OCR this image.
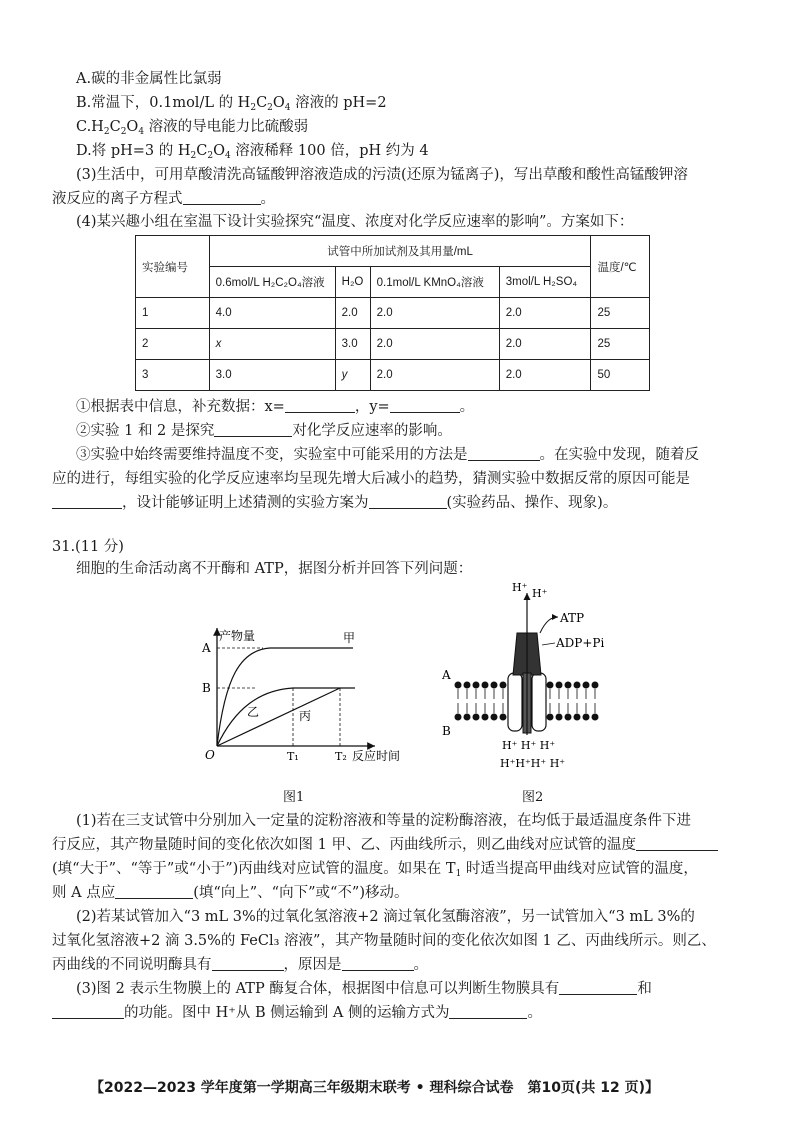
A.碳的非金属性比氯弱
B.常温下，0.1mol/L 的 $H_2C_2O_4$ 溶液的 pH=2
$C.H_2C_2O_4$ 溶液的导电能力比硫酸弱
D.将 pH=3 的 $H_2C_2O_4$ 溶液稀释 100 倍，pH 约为 4
(3)生活中，可用草酸清洗高锰酸钾溶液造成的污渍(还原为锰离子)，写出草酸和酸性高锰酸钾溶
液反应的离子方程式	。
(4)某兴趣小组在室温下设计实验探究“温度、浓度对化学反应速率的影响”。方案如下：
实验编号	试管中所加试剂及其用量/mL				温度/℃
	0.6mol/L H₂C₂O₄溶液	H₂O	0.1mol/L KMnO₄溶液	3mol/L H₂SO₄	
1	4.0	2.0	2.0	2.0	25
2	x	3.0	2.0	2.0	25
3	3.0	y	2.0	2.0	50
①根据表中信息，补充数据：x=	，y=	。
②实验 1 和 2 是探究	对化学反应速率的影响。
③实验中始终需要维持温度不变，实验室中可能采用的方法是	。在实验中发现，随着反
应的进行，每组实验的化学反应速率均呈现先增大后减小的趋势，猜测实验中数据反常的原因可能是
，设计能够证明上述猜测的实验方案为	(实验药品、操作、现象)。
31.(11 分)
细胞的生命活动离不开酶和 ATP，据图分析并回答下列问题：
产物量
A
B
O	T₁	T₂ 反应时间
甲
乙	丙
图1
H⁺ H⁺
ATP
ADP+Pi
A
B
H⁺ H⁺ H⁺
H⁺H⁺H⁺ H⁺
图2
(1)若在三支试管中分别加入一定量的淀粉溶液和等量的淀粉酶溶液，在均低于最适温度条件下进
行反应，其产物量随时间的变化依次如图 1 甲、乙、丙曲线所示，则乙曲线对应试管的温度
(填“大于”、“等于”或“小于”)丙曲线对应试管的温度。如果在 $T_1$ 时适当提高甲曲线对应试管的温度，
则 A 点应	(填“向上”、“向下”或“不”)移动。
(2)若某试管加入“3 mL 3%的过氧化氢溶液+2 滴过氧化氢酶溶液”，另一试管加入“3 mL 3%的
过氧化氢溶液+2 滴 3.5%的 FeCl₃ 溶液”，其产物量随时间的变化依次如图 1 乙、丙曲线所示。则乙、
丙曲线的不同说明酶具有	，原因是	。
(3)图 2 表示生物膜上的 ATP 酶复合体，根据图中信息可以判断生物膜具有	和
的功能。图中 H⁺从 B 侧运输到 A 侧的运输方式为	。
【2022—2023 学年度第一学期高三年级期末联考 • 理科综合试卷　第10页(共 12 页)】
